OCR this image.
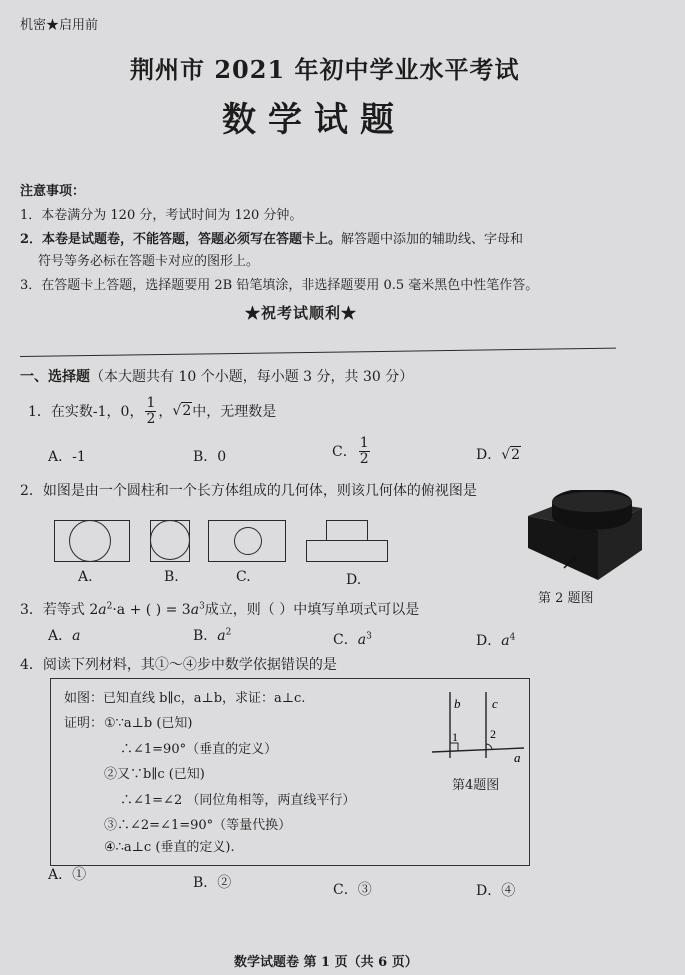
机密★启用前
荆州市 2021 年初中学业水平考试
数学试题
注意事项：
1．本卷满分为 120 分，考试时间为 120 分钟。
2．本卷是试题卷，不能答题，答题必须写在答题卡上。解答题中添加的辅助线、字母和
符号等务必标在答题卡对应的图形上。
3．在答题卡上答题，选择题要用 2B 铅笔填涂，非选择题要用 0.5 毫米黑色中性笔作答。
★祝考试顺利★
一、选择题（本大题共有 10 个小题，每小题 3 分，共 30 分）
1．在实数 -1，0， $\frac{1}{2}$ ， √2 中，无理数是
A．-1	B．0	C． $\frac{1}{2}$	D．√2
2．如图是由一个圆柱和一个长方体组成的几何体，则该几何体的俯视图是
A.	B.	C.	D.
第 2 题图
3．若等式 $2a^2\cdot a$ + ( ) = $3a^3$成立，则（ ）中填写单项式可以是
A．a	B．$a^2$	C．$a^3$	D．$a^4$
4．阅读下列材料，其①～④步中数学依据错误的是
如图：已知直线 b∥c，a⊥b，求证：a⊥c.
证明： ①∵a⊥b (已知)
∴∠1=90°（垂直的定义）
②又∵b∥c (已知)
∴∠1=∠2 （同位角相等，两直线平行）
③∴∠2=∠1=90°（等量代换）
④∴a⊥c (垂直的定义).
b c
1	2
a
第4题图
A．①	B．②	C．③	D．④
数学试题卷 第 1 页（共 6 页）
